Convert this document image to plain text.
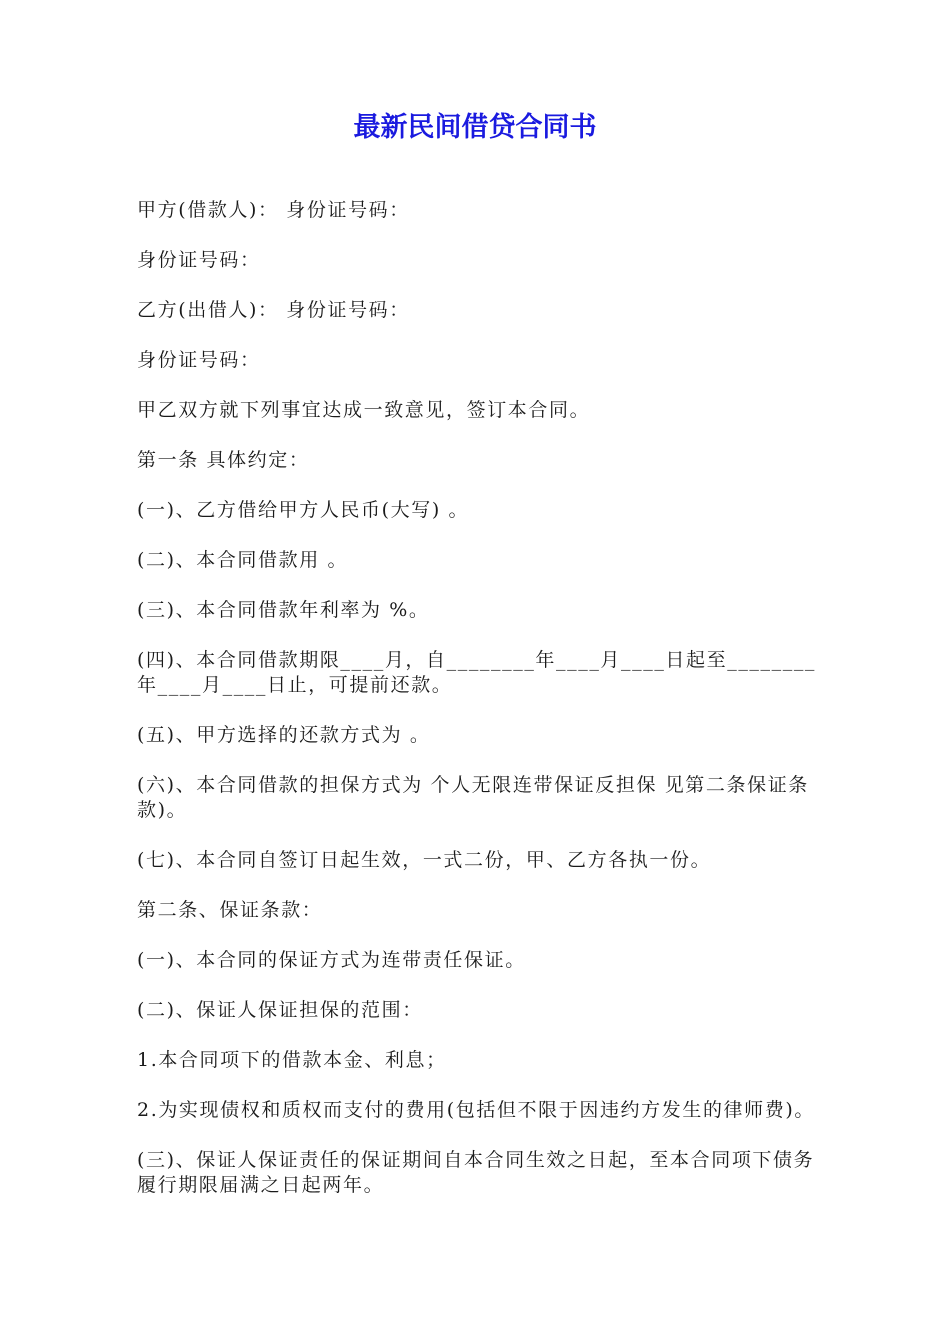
最新民间借贷合同书

甲方(借款人)： 身份证号码：

身份证号码：

乙方(出借人)： 身份证号码：

身份证号码：

甲乙双方就下列事宜达成一致意见，签订本合同。

第一条 具体约定：

(一)、乙方借给甲方人民币(大写) 。

(二)、本合同借款用 。

(三)、本合同借款年利率为 %。

(四)、本合同借款期限____月，自________年____月____日起至________年____月____日止，可提前还款。

(五)、甲方选择的还款方式为 。

(六)、本合同借款的担保方式为 个人无限连带保证反担保 见第二条保证条款)。

(七)、本合同自签订日起生效，一式二份，甲、乙方各执一份。

第二条、保证条款：

(一)、本合同的保证方式为连带责任保证。

(二)、保证人保证担保的范围：

1.本合同项下的借款本金、利息；

2.为实现债权和质权而支付的费用(包括但不限于因违约方发生的律师费)。

(三)、保证人保证责任的保证期间自本合同生效之日起，至本合同项下债务履行期限届满之日起两年。
